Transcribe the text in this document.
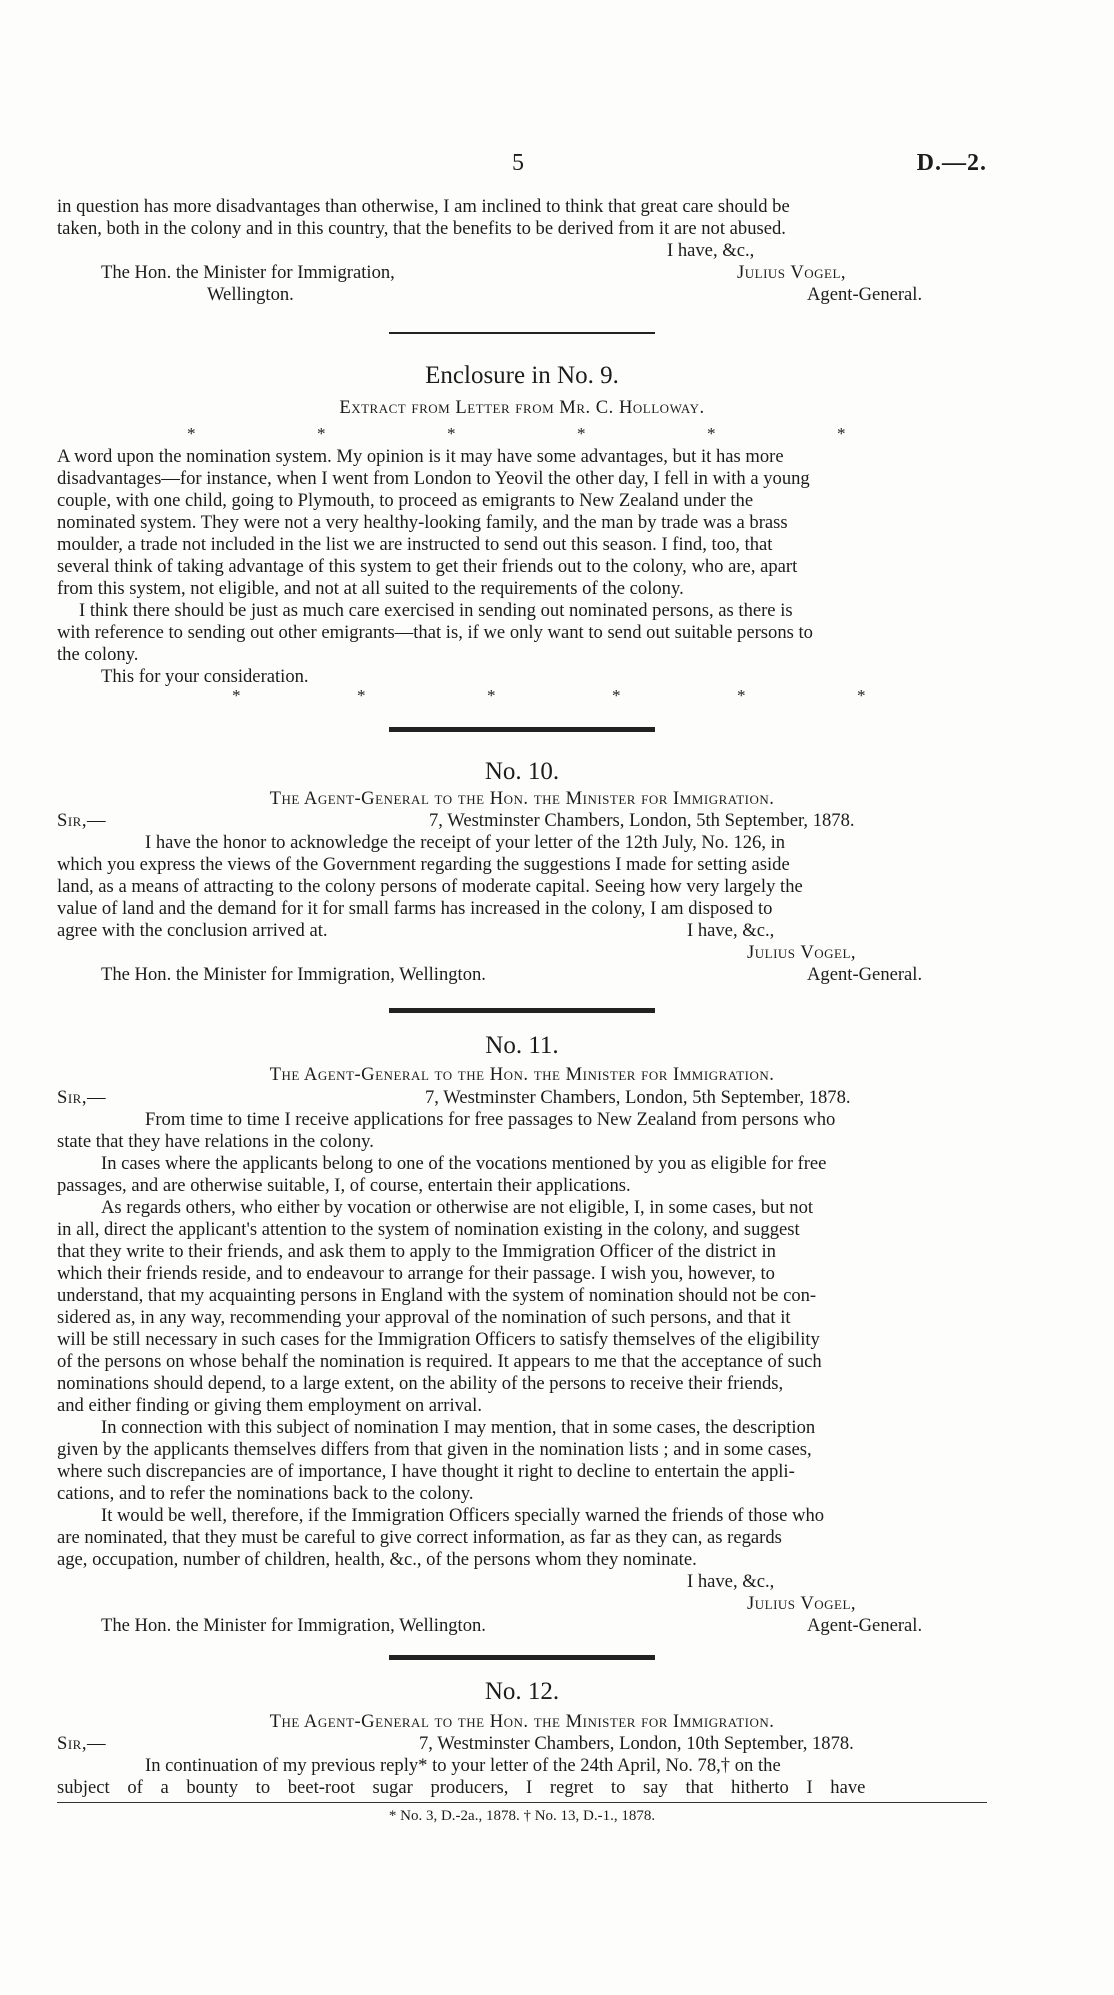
5	D.—2.
in question has more disadvantages than otherwise, I am inclined to think that great care should be
taken, both in the colony and in this country, that the benefits to be derived from it are not abused.
I have, &c.,
The Hon. the Minister for Immigration,	Julius Vogel,
Wellington.	Agent-General.
Enclosure in No. 9.
Extract from Letter from Mr. C. Holloway.
*	*	*	*	*	*
A word upon the nomination system. My opinion is it may have some advantages, but it has more
disadvantages—for instance, when I went from London to Yeovil the other day, I fell in with a young
couple, with one child, going to Plymouth, to proceed as emigrants to New Zealand under the
nominated system. They were not a very healthy-looking family, and the man by trade was a brass
moulder, a trade not included in the list we are instructed to send out this season. I find, too, that
several think of taking advantage of this system to get their friends out to the colony, who are, apart
from this system, not eligible, and not at all suited to the requirements of the colony.
I think there should be just as much care exercised in sending out nominated persons, as there is
with reference to sending out other emigrants—that is, if we only want to send out suitable persons to
the colony.
This for your consideration.
*	*	*	*	*	*
No. 10.
The Agent-General to the Hon. the Minister for Immigration.
Sir,—	7, Westminster Chambers, London, 5th September, 1878.
I have the honor to acknowledge the receipt of your letter of the 12th July, No. 126, in
which you express the views of the Government regarding the suggestions I made for setting aside
land, as a means of attracting to the colony persons of moderate capital. Seeing how very largely the
value of land and the demand for it for small farms has increased in the colony, I am disposed to
agree with the conclusion arrived at.	I have, &c.,
Julius Vogel,
The Hon. the Minister for Immigration, Wellington.	Agent-General.
No. 11.
The Agent-General to the Hon. the Minister for Immigration.
Sir,—	7, Westminster Chambers, London, 5th September, 1878.
From time to time I receive applications for free passages to New Zealand from persons who
state that they have relations in the colony.
In cases where the applicants belong to one of the vocations mentioned by you as eligible for free
passages, and are otherwise suitable, I, of course, entertain their applications.
As regards others, who either by vocation or otherwise are not eligible, I, in some cases, but not
in all, direct the applicant's attention to the system of nomination existing in the colony, and suggest
that they write to their friends, and ask them to apply to the Immigration Officer of the district in
which their friends reside, and to endeavour to arrange for their passage. I wish you, however, to
understand, that my acquainting persons in England with the system of nomination should not be con-
sidered as, in any way, recommending your approval of the nomination of such persons, and that it
will be still necessary in such cases for the Immigration Officers to satisfy themselves of the eligibility
of the persons on whose behalf the nomination is required. It appears to me that the acceptance of such
nominations should depend, to a large extent, on the ability of the persons to receive their friends,
and either finding or giving them employment on arrival.
In connection with this subject of nomination I may mention, that in some cases, the description
given by the applicants themselves differs from that given in the nomination lists ; and in some cases,
where such discrepancies are of importance, I have thought it right to decline to entertain the appli-
cations, and to refer the nominations back to the colony.
It would be well, therefore, if the Immigration Officers specially warned the friends of those who
are nominated, that they must be careful to give correct information, as far as they can, as regards
age, occupation, number of children, health, &c., of the persons whom they nominate.
I have, &c.,
Julius Vogel,
The Hon. the Minister for Immigration, Wellington.	Agent-General.
No. 12.
The Agent-General to the Hon. the Minister for Immigration.
Sir,—	7, Westminster Chambers, London, 10th September, 1878.
In continuation of my previous reply* to your letter of the 24th April, No. 78,† on the
subject of a bounty to beet-root sugar producers, I regret to say that hitherto I have
* No. 3, D.-2a., 1878. † No. 13, D.-1., 1878.
